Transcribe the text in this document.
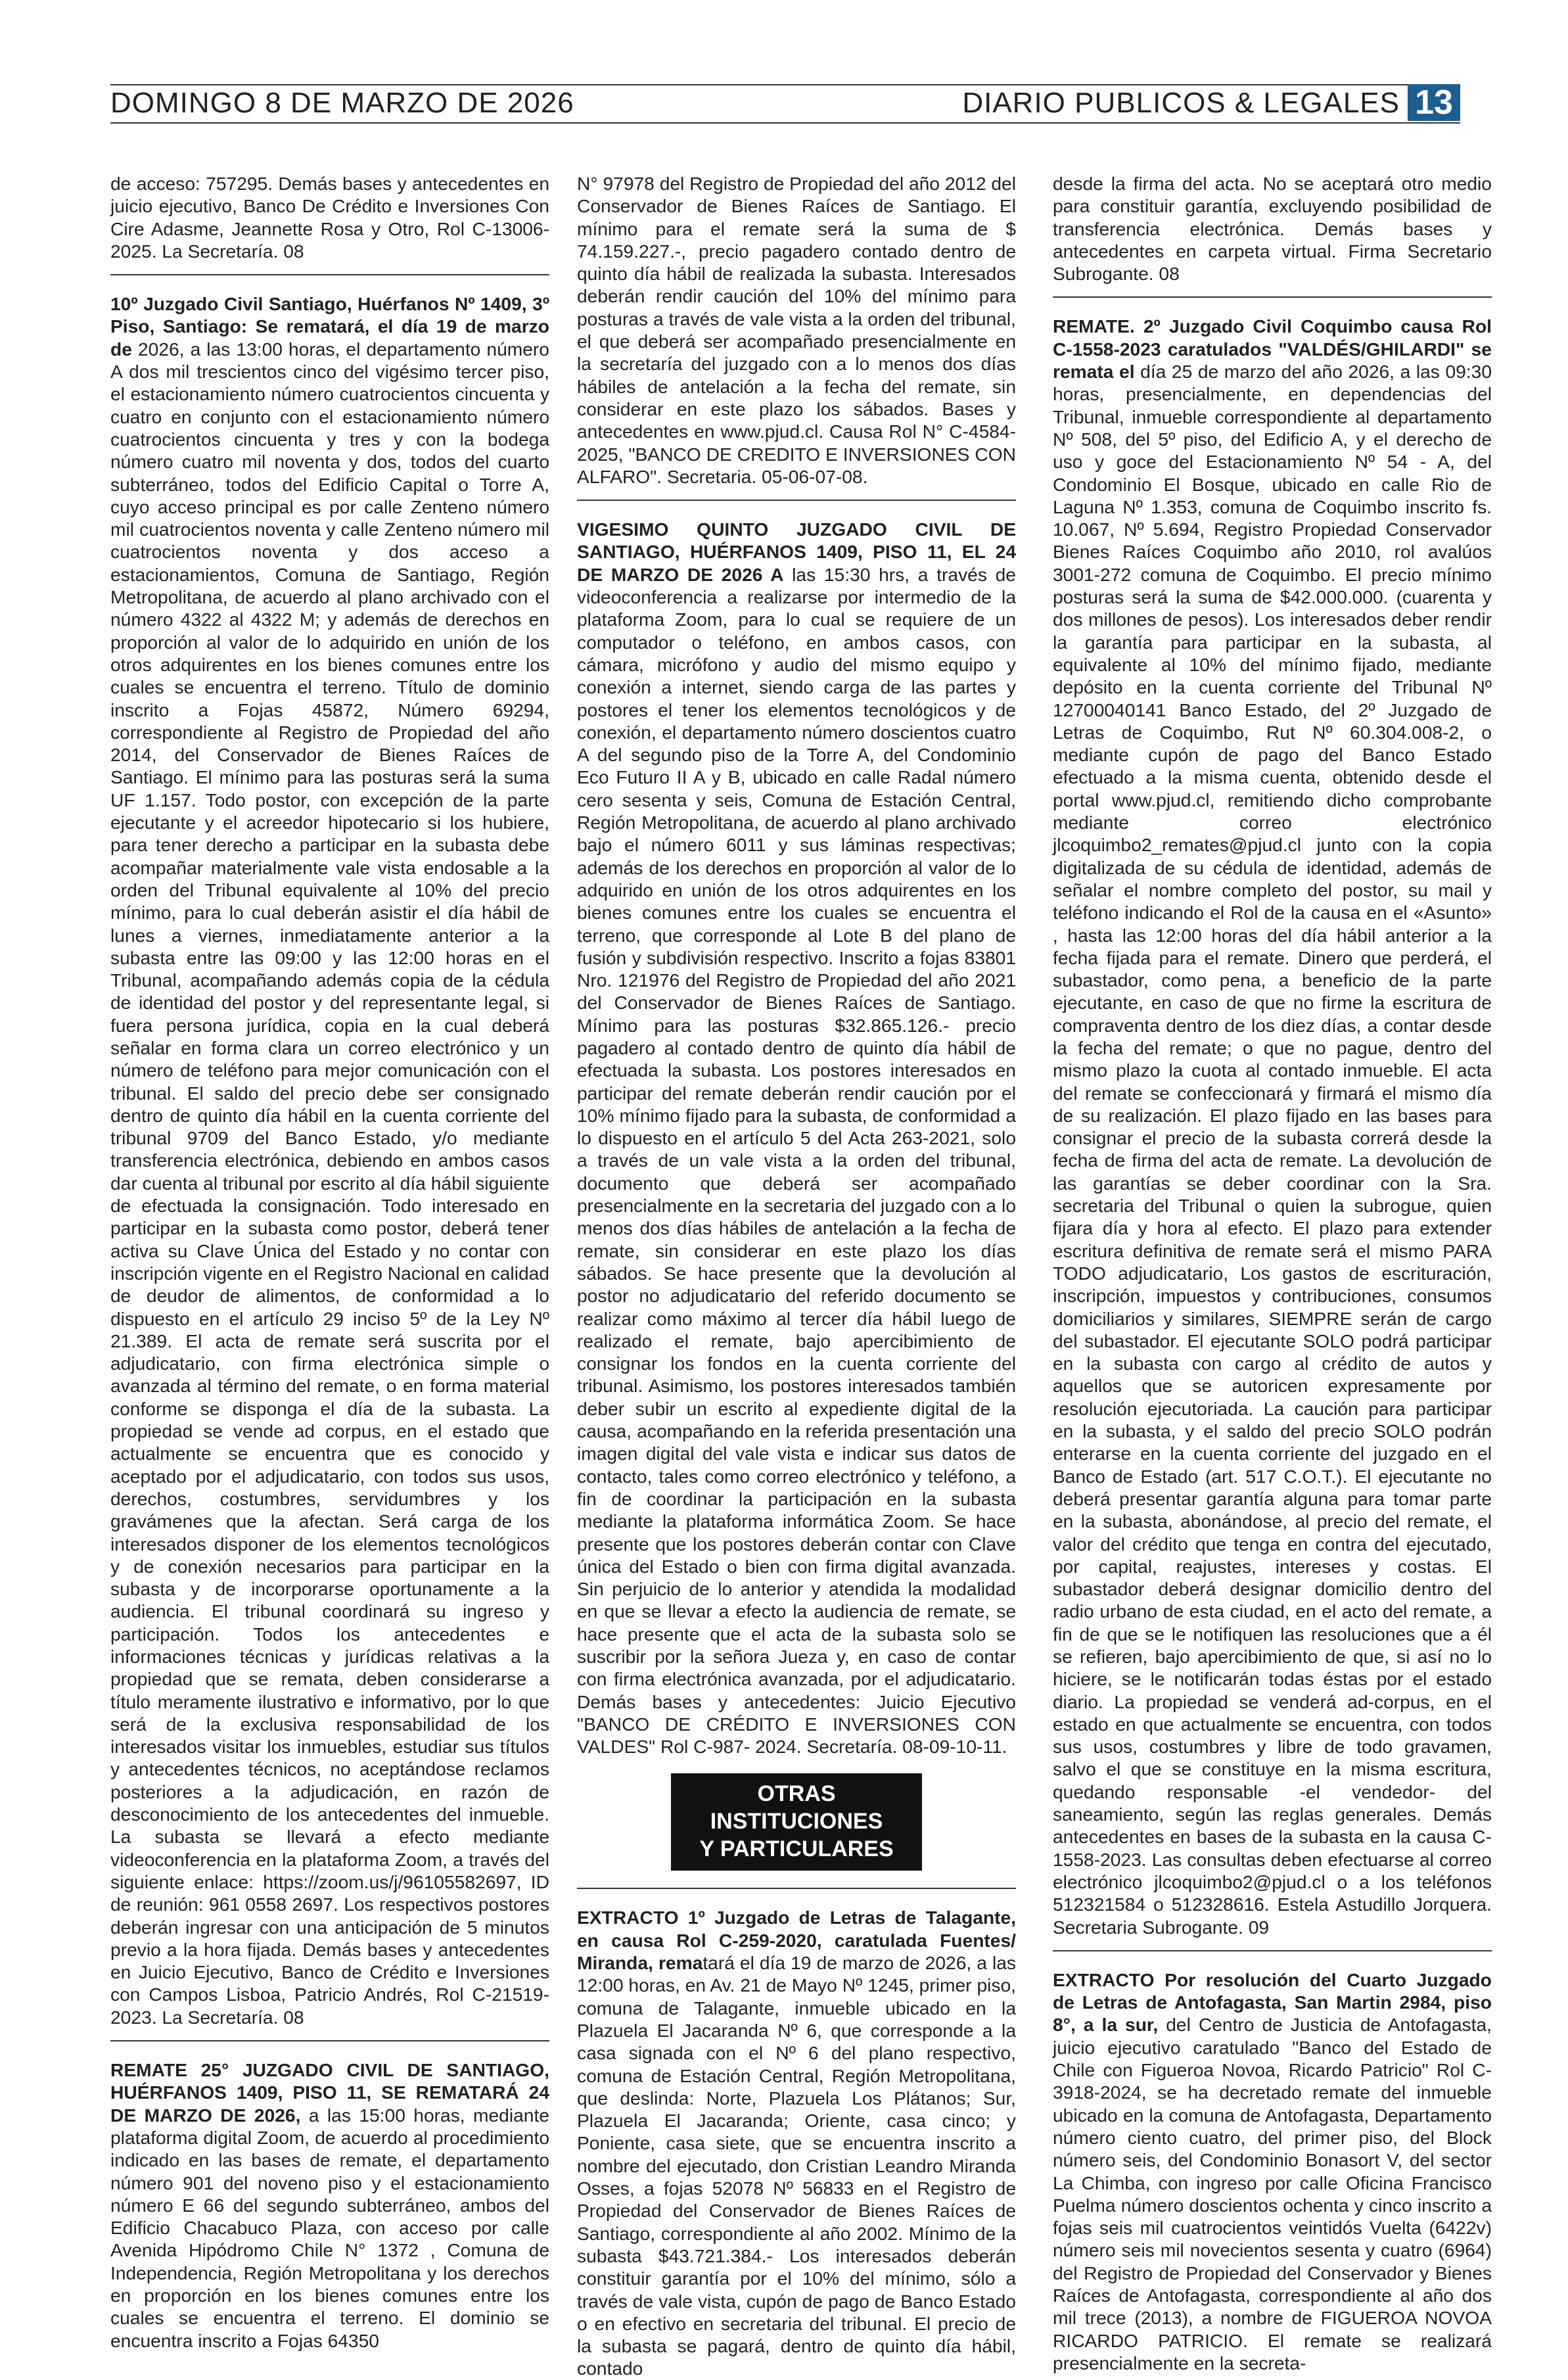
DOMINGO 8 DE MARZO DE 2026	DIARIO PUBLICOS & LEGALES 13

de acceso: 757295. Demás bases y antecedentes en juicio ejecutivo, Banco De Crédito e Inversiones Con Cire Adasme, Jeannette Rosa y Otro, Rol C-13006-2025. La Secretaría. 08

10º Juzgado Civil Santiago, Huérfanos Nº 1409, 3º Piso, Santiago: Se rematará, el día 19 de marzo de 2026, a las 13:00 horas, el departamento número A dos mil trescientos cinco del vigésimo tercer piso, el estacionamiento número cuatrocientos cincuenta y cuatro en conjunto con el estacionamiento número cuatrocientos cincuenta y tres y con la bodega número cuatro mil noventa y dos, todos del cuarto subterráneo, todos del Edificio Capital o Torre A, cuyo acceso principal es por calle Zenteno número mil cuatrocientos noventa y calle Zenteno número mil cuatrocientos noventa y dos acceso a estacionamientos, Comuna de Santiago, Región Metropolitana, de acuerdo al plano archivado con el número 4322 al 4322 M; y además de derechos en proporción al valor de lo adquirido en unión de los otros adquirentes en los bienes comunes entre los cuales se encuentra el terreno. Título de dominio inscrito a Fojas 45872, Número 69294, correspondiente al Registro de Propiedad del año 2014, del Conservador de Bienes Raíces de Santiago. El mínimo para las posturas será la suma UF 1.157. Todo postor, con excepción de la parte ejecutante y el acreedor hipotecario si los hubiere, para tener derecho a participar en la subasta debe acompañar materialmente vale vista endosable a la orden del Tribunal equivalente al 10% del precio mínimo, para lo cual deberán asistir el día hábil de lunes a viernes, inmediatamente anterior a la subasta entre las 09:00 y las 12:00 horas en el Tribunal, acompañando además copia de la cédula de identidad del postor y del representante legal, si fuera persona jurídica, copia en la cual deberá señalar en forma clara un correo electrónico y un número de teléfono para mejor comunicación con el tribunal. El saldo del precio debe ser consignado dentro de quinto día hábil en la cuenta corriente del tribunal 9709 del Banco Estado, y/o mediante transferencia electrónica, debiendo en ambos casos dar cuenta al tribunal por escrito al día hábil siguiente de efectuada la consignación. Todo interesado en participar en la subasta como postor, deberá tener activa su Clave Única del Estado y no contar con inscripción vigente en el Registro Nacional en calidad de deudor de alimentos, de conformidad a lo dispuesto en el artículo 29 inciso 5º de la Ley Nº 21.389. El acta de remate será suscrita por el adjudicatario, con firma electrónica simple o avanzada al término del remate, o en forma material conforme se disponga el día de la subasta. La propiedad se vende ad corpus, en el estado que actualmente se encuentra que es conocido y aceptado por el adjudicatario, con todos sus usos, derechos, costumbres, servidumbres y los gravámenes que la afectan. Será carga de los interesados disponer de los elementos tecnológicos y de conexión necesarios para participar en la subasta y de incorporarse oportunamente a la audiencia. El tribunal coordinará su ingreso y participación. Todos los antecedentes e informaciones técnicas y jurídicas relativas a la propiedad que se remata, deben considerarse a título meramente ilustrativo e informativo, por lo que será de la exclusiva responsabilidad de los interesados visitar los inmuebles, estudiar sus títulos y antecedentes técnicos, no aceptándose reclamos posteriores a la adjudicación, en razón de desconocimiento de los antecedentes del inmueble. La subasta se llevará a efecto mediante videoconferencia en la plataforma Zoom, a través del siguiente enlace: https://zoom.us/j/96105582697, ID de reunión: 961 0558 2697. Los respectivos postores deberán ingresar con una anticipación de 5 minutos previo a la hora fijada. Demás bases y antecedentes en Juicio Ejecutivo, Banco de Crédito e Inversiones con Campos Lisboa, Patricio Andrés, Rol C-21519-2023. La Secretaría. 08

REMATE 25° JUZGADO CIVIL DE SANTIAGO, HUÉRFANOS 1409, PISO 11, SE REMATARÁ 24 DE MARZO DE 2026, a las 15:00 horas, mediante plataforma digital Zoom, de acuerdo al procedimiento indicado en las bases de remate, el departamento número 901 del noveno piso y el estacionamiento número E 66 del segundo subterráneo, ambos del Edificio Chacabuco Plaza, con acceso por calle Avenida Hipódromo Chile N° 1372 , Comuna de Independencia, Región Metropolitana y los derechos en proporción en los bienes comunes entre los cuales se encuentra el terreno. El dominio se encuentra inscrito a Fojas 64350

N° 97978 del Registro de Propiedad del año 2012 del Conservador de Bienes Raíces de Santiago. El mínimo para el remate será la suma de $ 74.159.227.-, precio pagadero contado dentro de quinto día hábil de realizada la subasta. Interesados deberán rendir caución del 10% del mínimo para posturas a través de vale vista a la orden del tribunal, el que deberá ser acompañado presencialmente en la secretaría del juzgado con a lo menos dos días hábiles de antelación a la fecha del remate, sin considerar en este plazo los sábados. Bases y antecedentes en www.pjud.cl. Causa Rol N° C-4584- 2025, "BANCO DE CREDITO E INVERSIONES CON ALFARO". Secretaria. 05-06-07-08.

VIGESIMO QUINTO JUZGADO CIVIL DE SANTIAGO, HUÉRFANOS 1409, PISO 11, EL 24 DE MARZO DE 2026 A las 15:30 hrs, a través de videoconferencia a realizarse por intermedio de la plataforma Zoom, para lo cual se requiere de un computador o teléfono, en ambos casos, con cámara, micrófono y audio del mismo equipo y conexión a internet, siendo carga de las partes y postores el tener los elementos tecnológicos y de conexión, el departamento número doscientos cuatro A del segundo piso de la Torre A, del Condominio Eco Futuro II A y B, ubicado en calle Radal número cero sesenta y seis, Comuna de Estación Central, Región Metropolitana, de acuerdo al plano archivado bajo el número 6011 y sus láminas respectivas; además de los derechos en proporción al valor de lo adquirido en unión de los otros adquirentes en los bienes comunes entre los cuales se encuentra el terreno, que corresponde al Lote B del plano de fusión y subdivisión respectivo. Inscrito a fojas 83801 Nro. 121976 del Registro de Propiedad del año 2021 del Conservador de Bienes Raíces de Santiago. Mínimo para las posturas $32.865.126.- precio pagadero al contado dentro de quinto día hábil de efectuada la subasta. Los postores interesados en participar del remate deberán rendir caución por el 10% mínimo fijado para la subasta, de conformidad a lo dispuesto en el artículo 5 del Acta 263-2021, solo a través de un vale vista a la orden del tribunal, documento que deberá ser acompañado presencialmente en la secretaria del juzgado con a lo menos dos días hábiles de antelación a la fecha de remate, sin considerar en este plazo los días sábados. Se hace presente que la devolución al postor no adjudicatario del referido documento se realizar como máximo al tercer día hábil luego de realizado el remate, bajo apercibimiento de consignar los fondos en la cuenta corriente del tribunal. Asimismo, los postores interesados también deber subir un escrito al expediente digital de la causa, acompañando en la referida presentación una imagen digital del vale vista e indicar sus datos de contacto, tales como correo electrónico y teléfono, a fin de coordinar la participación en la subasta mediante la plataforma informática Zoom. Se hace presente que los postores deberán contar con Clave única del Estado o bien con firma digital avanzada. Sin perjuicio de lo anterior y atendida la modalidad en que se llevar a efecto la audiencia de remate, se hace presente que el acta de la subasta solo se suscribir por la señora Jueza y, en caso de contar con firma electrónica avanzada, por el adjudicatario. Demás bases y antecedentes: Juicio Ejecutivo "BANCO DE CRÉDITO E INVERSIONES CON VALDES" Rol C-987- 2024. Secretaría. 08-09-10-11.

OTRAS INSTITUCIONES
Y PARTICULARES

EXTRACTO 1º Juzgado de Letras de Talagante, en causa Rol C-259-2020, caratulada Fuentes/ Miranda, rematará el día 19 de marzo de 2026, a las 12:00 horas, en Av. 21 de Mayo Nº 1245, primer piso, comuna de Talagante, inmueble ubicado en la Plazuela El Jacaranda Nº 6, que corresponde a la casa signada con el Nº 6 del plano respectivo, comuna de Estación Central, Región Metropolitana, que deslinda: Norte, Plazuela Los Plátanos; Sur, Plazuela El Jacaranda; Oriente, casa cinco; y Poniente, casa siete, que se encuentra inscrito a nombre del ejecutado, don Cristian Leandro Miranda Osses, a fojas 52078 Nº 56833 en el Registro de Propiedad del Conservador de Bienes Raíces de Santiago, correspondiente al año 2002. Mínimo de la subasta $43.721.384.- Los interesados deberán constituir garantía por el 10% del mínimo, sólo a través de vale vista, cupón de pago de Banco Estado o en efectivo en secretaria del tribunal. El precio de la subasta se pagará, dentro de quinto día hábil, contado

desde la firma del acta. No se aceptará otro medio para constituir garantía, excluyendo posibilidad de transferencia electrónica. Demás bases y antecedentes en carpeta virtual. Firma Secretario Subrogante. 08

REMATE. 2º Juzgado Civil Coquimbo causa Rol C-1558-2023 caratulados "VALDÉS/GHILARDI" se remata el día 25 de marzo del año 2026, a las 09:30 horas, presencialmente, en dependencias del Tribunal, inmueble correspondiente al departamento Nº 508, del 5º piso, del Edificio A, y el derecho de uso y goce del Estacionamiento Nº 54 - A, del Condominio El Bosque, ubicado en calle Rio de Laguna Nº 1.353, comuna de Coquimbo inscrito fs. 10.067, Nº 5.694, Registro Propiedad Conservador Bienes Raíces Coquimbo año 2010, rol avalúos 3001-272 comuna de Coquimbo. El precio mínimo posturas será la suma de $42.000.000. (cuarenta y dos millones de pesos). Los interesados deber rendir la garantía para participar en la subasta, al equivalente al 10% del mínimo fijado, mediante depósito en la cuenta corriente del Tribunal Nº 12700040141 Banco Estado, del 2º Juzgado de Letras de Coquimbo, Rut Nº 60.304.008-2, o mediante cupón de pago del Banco Estado efectuado a la misma cuenta, obtenido desde el portal www.pjud.cl, remitiendo dicho comprobante mediante correo electrónico jlcoquimbo2_remates@pjud.cl junto con la copia digitalizada de su cédula de identidad, además de señalar el nombre completo del postor, su mail y teléfono indicando el Rol de la causa en el «Asunto» , hasta las 12:00 horas del día hábil anterior a la fecha fijada para el remate. Dinero que perderá, el subastador, como pena, a beneficio de la parte ejecutante, en caso de que no firme la escritura de compraventa dentro de los diez días, a contar desde la fecha del remate; o que no pague, dentro del mismo plazo la cuota al contado inmueble. El acta del remate se confeccionará y firmará el mismo día de su realización. El plazo fijado en las bases para consignar el precio de la subasta correrá desde la fecha de firma del acta de remate. La devolución de las garantías se deber coordinar con la Sra. secretaria del Tribunal o quien la subrogue, quien fijara día y hora al efecto. El plazo para extender escritura definitiva de remate será el mismo PARA TODO adjudicatario, Los gastos de escrituración, inscripción, impuestos y contribuciones, consumos domiciliarios y similares, SIEMPRE serán de cargo del subastador. El ejecutante SOLO podrá participar en la subasta con cargo al crédito de autos y aquellos que se autoricen expresamente por resolución ejecutoriada. La caución para participar en la subasta, y el saldo del precio SOLO podrán enterarse en la cuenta corriente del juzgado en el Banco de Estado (art. 517 C.O.T.). El ejecutante no deberá presentar garantía alguna para tomar parte en la subasta, abonándose, al precio del remate, el valor del crédito que tenga en contra del ejecutado, por capital, reajustes, intereses y costas. El subastador deberá designar domicilio dentro del radio urbano de esta ciudad, en el acto del remate, a fin de que se le notifiquen las resoluciones que a él se refieren, bajo apercibimiento de que, si así no lo hiciere, se le notificarán todas éstas por el estado diario. La propiedad se venderá ad-corpus, en el estado en que actualmente se encuentra, con todos sus usos, costumbres y libre de todo gravamen, salvo el que se constituye en la misma escritura, quedando responsable -el vendedor- del saneamiento, según las reglas generales. Demás antecedentes en bases de la subasta en la causa C-1558-2023. Las consultas deben efectuarse al correo electrónico jlcoquimbo2@pjud.cl o a los teléfonos 512321584 o 512328616. Estela Astudillo Jorquera. Secretaria Subrogante. 09

EXTRACTO Por resolución del Cuarto Juzgado de Letras de Antofagasta, San Martin 2984, piso 8°, a la sur, del Centro de Justicia de Antofagasta, juicio ejecutivo caratulado "Banco del Estado de Chile con Figueroa Novoa, Ricardo Patricio" Rol C-3918-2024, se ha decretado remate del inmueble ubicado en la comuna de Antofagasta, Departamento número ciento cuatro, del primer piso, del Block número seis, del Condominio Bonasort V, del sector La Chimba, con ingreso por calle Oficina Francisco Puelma número doscientos ochenta y cinco inscrito a fojas seis mil cuatrocientos veintidós Vuelta (6422v) número seis mil novecientos sesenta y cuatro (6964) del Registro de Propiedad del Conservador y Bienes Raíces de Antofagasta, correspondiente al año dos mil trece (2013), a nombre de FIGUEROA NOVOA RICARDO PATRICIO. El remate se realizará presencialmente en la secreta-
